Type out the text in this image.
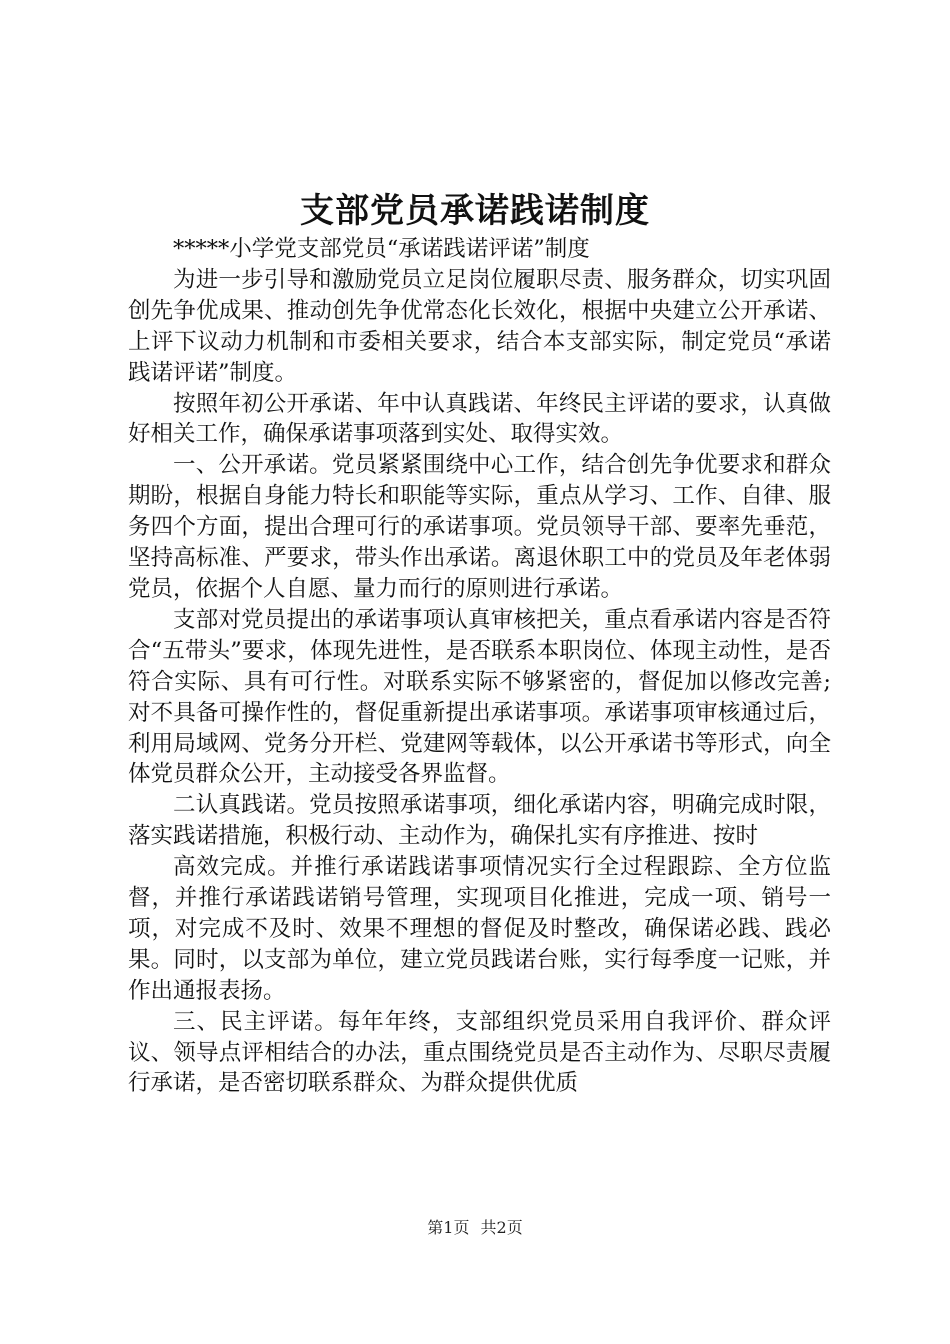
支部党员承诺践诺制度

*****小学党支部党员“承诺践诺评诺”制度

为进一步引导和激励党员立足岗位履职尽责、服务群众，切实巩固创先争优成果、推动创先争优常态化长效化，根据中央建立公开承诺、上评下议动力机制和市委相关要求，结合本支部实际，制定党员“承诺践诺评诺”制度。

按照年初公开承诺、年中认真践诺、年终民主评诺的要求，认真做好相关工作，确保承诺事项落到实处、取得实效。

一、公开承诺。党员紧紧围绕中心工作，结合创先争优要求和群众期盼，根据自身能力特长和职能等实际，重点从学习、工作、自律、服务四个方面，提出合理可行的承诺事项。党员领导干部、要率先垂范，坚持高标准、严要求，带头作出承诺。离退休职工中的党员及年老体弱党员，依据个人自愿、量力而行的原则进行承诺。

支部对党员提出的承诺事项认真审核把关，重点看承诺内容是否符合“五带头”要求，体现先进性，是否联系本职岗位、体现主动性，是否符合实际、具有可行性。对联系实际不够紧密的，督促加以修改完善;对不具备可操作性的，督促重新提出承诺事项。承诺事项审核通过后，利用局域网、党务分开栏、党建网等载体，以公开承诺书等形式，向全体党员群众公开，主动接受各界监督。

二认真践诺。党员按照承诺事项，细化承诺内容，明确完成时限，落实践诺措施，积极行动、主动作为，确保扎实有序推进、按时

高效完成。并推行承诺践诺事项情况实行全过程跟踪、全方位监督，并推行承诺践诺销号管理，实现项目化推进，完成一项、销号一项，对完成不及时、效果不理想的督促及时整改，确保诺必践、践必果。同时，以支部为单位，建立党员践诺台账，实行每季度一记账，并作出通报表扬。

三、民主评诺。每年年终，支部组织党员采用自我评价、群众评议、领导点评相结合的办法，重点围绕党员是否主动作为、尽职尽责履行承诺，是否密切联系群众、为群众提供优质

第1页 共2页
